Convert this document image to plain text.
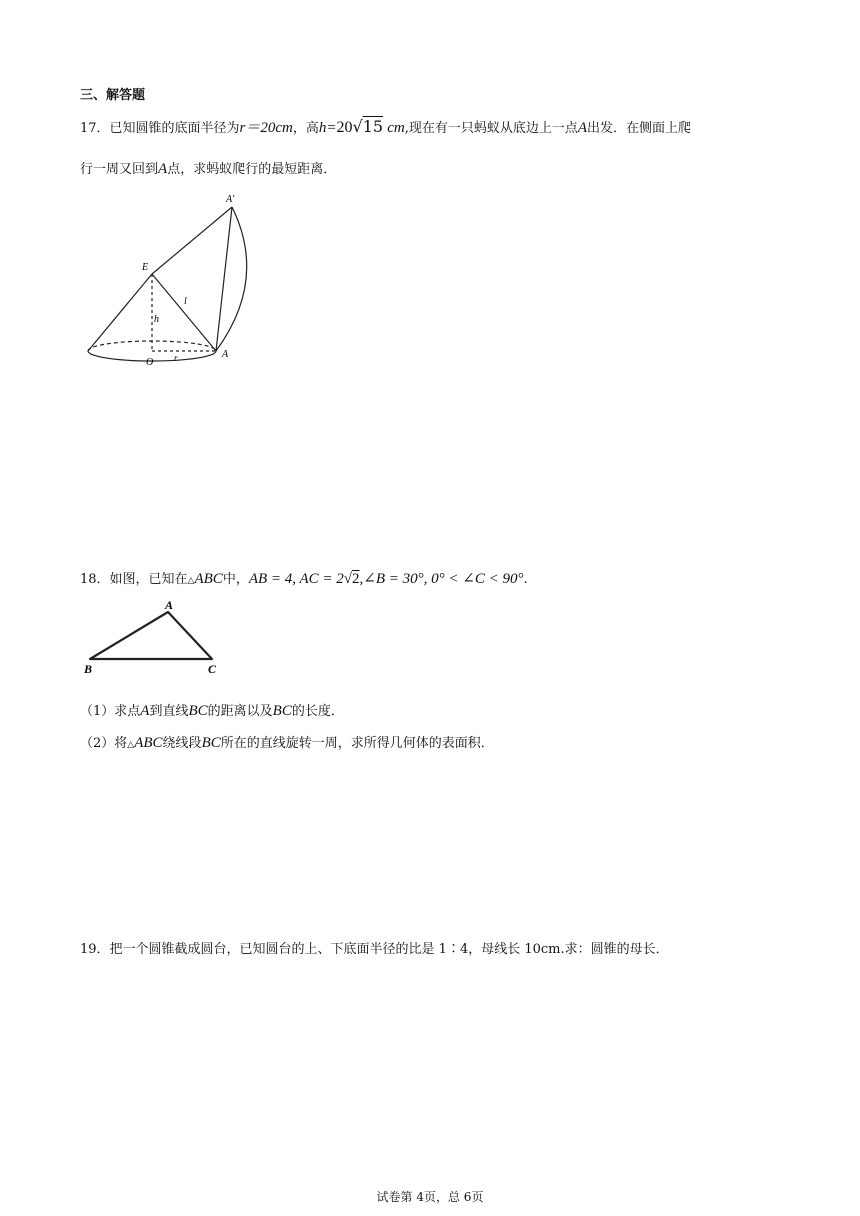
三、解答题
17．已知圆锥的底面半径为r＝20cm，高h=20√15 cm,现在有一只蚂蚁从底边上一点A出发．在侧面上爬
行一周又回到A点，求蚂蚁爬行的最短距离．
A'
E
l
h
O r	A
18．如图，已知在△ABC中，AB = 4, AC = 2√2,∠B = 30°, 0° < ∠C < 90°.
A
B	C
（1）求点A到直线BC的距离以及BC的长度．
（2）将△ABC绕线段BC所在的直线旋转一周，求所得几何体的表面积．
19．把一个圆锥截成圆台，已知圆台的上、下底面半径的比是 1∶4，母线长 10cm.求：圆锥的母长．
试卷第 4页，总 6页
